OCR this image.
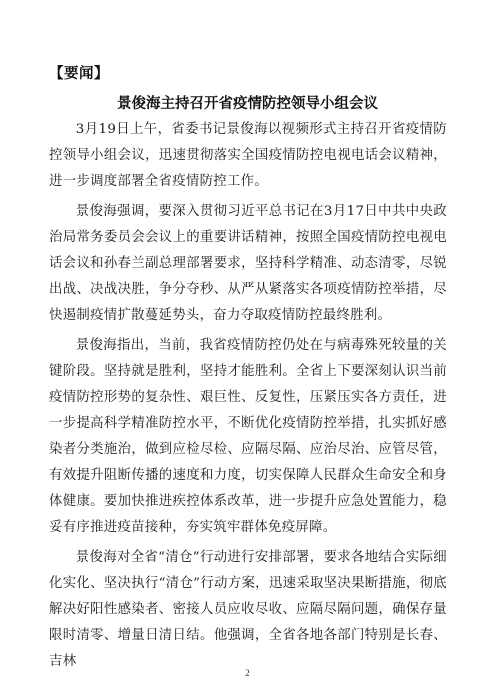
【要闻】
景俊海主持召开省疫情防控领导小组会议

3月19日上午，省委书记景俊海以视频形式主持召开省疫情防控领导小组会议，迅速贯彻落实全国疫情防控电视电话会议精神，进一步调度部署全省疫情防控工作。

景俊海强调，要深入贯彻习近平总书记在3月17日中共中央政治局常务委员会会议上的重要讲话精神，按照全国疫情防控电视电话会议和孙春兰副总理部署要求，坚持科学精准、动态清零，尽锐出战、决战决胜，争分夺秒、从严从紧落实各项疫情防控举措，尽快遏制疫情扩散蔓延势头，奋力夺取疫情防控最终胜利。

景俊海指出，当前，我省疫情防控仍处在与病毒殊死较量的关键阶段。坚持就是胜利，坚持才能胜利。全省上下要深刻认识当前疫情防控形势的复杂性、艰巨性、反复性，压紧压实各方责任，进一步提高科学精准防控水平，不断优化疫情防控举措，扎实抓好感染者分类施治，做到应检尽检、应隔尽隔、应治尽治、应管尽管，有效提升阻断传播的速度和力度，切实保障人民群众生命安全和身体健康。要加快推进疾控体系改革，进一步提升应急处置能力，稳妥有序推进疫苗接种，夯实筑牢群体免疫屏障。

景俊海对全省“清仓”行动进行安排部署，要求各地结合实际细化实化、坚决执行“清仓”行动方案，迅速采取坚决果断措施，彻底解决好阳性感染者、密接人员应收尽收、应隔尽隔问题，确保存量限时清零、增量日清日结。他强调，全省各地各部门特别是长春、吉林

2
